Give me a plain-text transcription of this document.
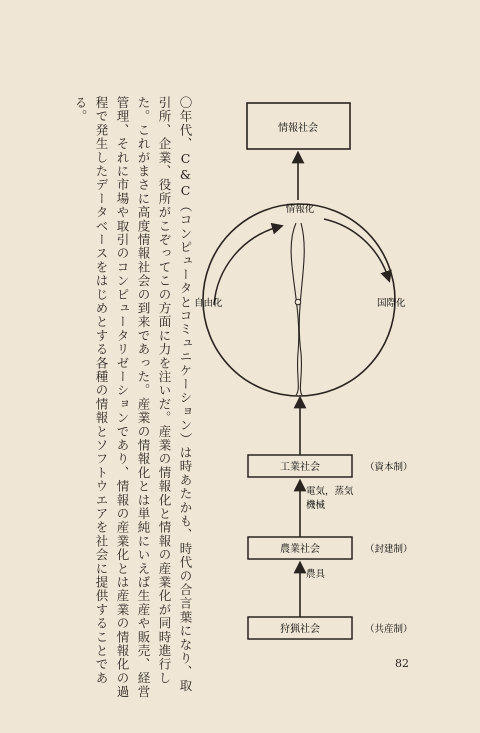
〇年代、C&C（コンピュータとコミュニケーション）は時あたかも、時代の合言葉になり、取
引所、企業、役所がこぞってこの方面に力を注いだ。産業の情報化と情報の産業化が同時進行し
た。これがまさに高度情報社会の到来であった。産業の情報化とは単純にいえば生産や販売、経営
管理、それに市場や取引のコンピュータリゼーションであり、情報の産業化とは産業の情報化の過
程で発生したデータベースをはじめとする各種の情報とソフトウエアを社会に提供することであ
る。
情報社会
情報化
自由化	国際化
工業社会	（資本制）
電気，蒸気
機械
農業社会	（封建制）
農具
狩猟社会	（共産制）
82
